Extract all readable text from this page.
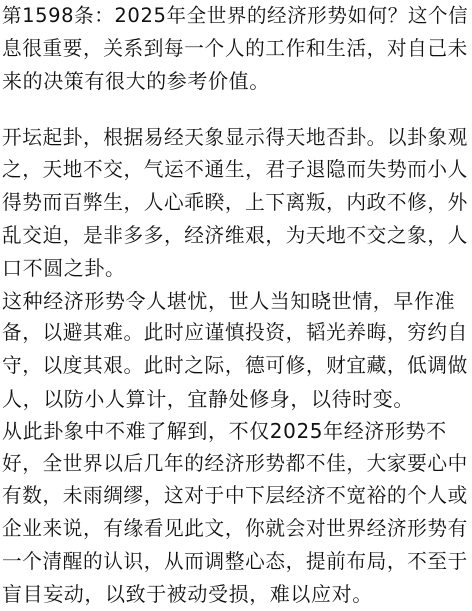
第1598条：2025年全世界的经济形势如何？这个信
息很重要，关系到每一个人的工作和生活，对自己未
来的决策有很大的参考价值。
开坛起卦，根据易经天象显示得天地否卦。以卦象观
之，天地不交，气运不通生，君子退隐而失势而小人
得势而百弊生，人心乖睽，上下离叛，内政不修，外
乱交迫，是非多多，经济维艰，为天地不交之象，人
口不圆之卦。
这种经济形势令人堪忧，世人当知晓世情，早作准
备，以避其难。此时应谨慎投资，韬光养晦，穷约自
守，以度其艰。此时之际，德可修，财宜藏，低调做
人，以防小人算计，宜静处修身，以待时变。
从此卦象中不难了解到，不仅2025年经济形势不
好，全世界以后几年的经济形势都不佳，大家要心中
有数，未雨绸缪，这对于中下层经济不宽裕的个人或
企业来说，有缘看见此文，你就会对世界经济形势有
一个清醒的认识，从而调整心态，提前布局，不至于
盲目妄动，以致于被动受损，难以应对。
